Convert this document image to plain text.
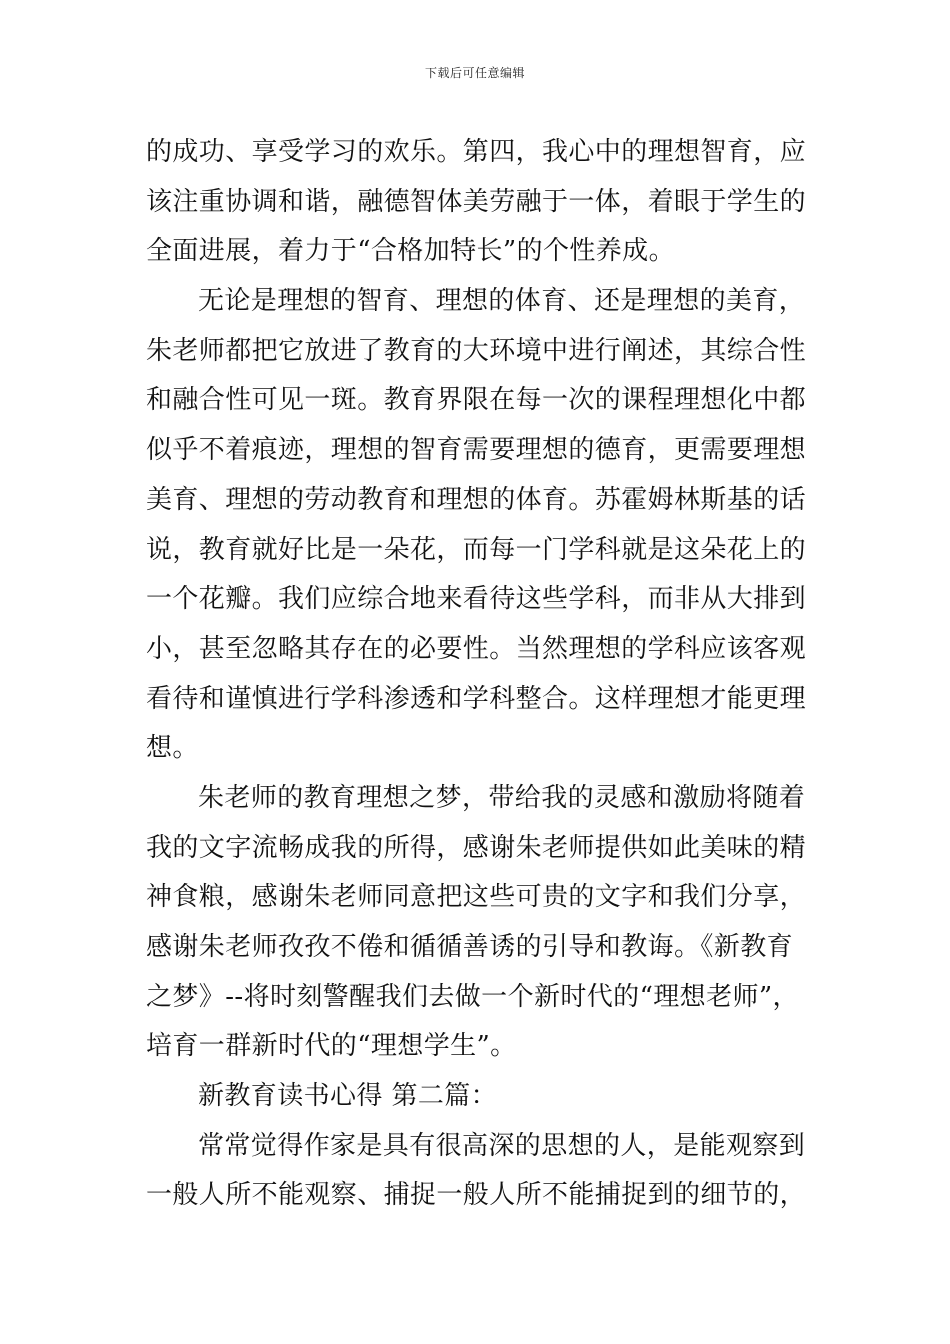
下载后可任意编辑
的成功、享受学习的欢乐。第四，我心中的理想智育，应
该注重协调和谐，融德智体美劳融于一体，着眼于学生的
全面进展，着力于“合格加特长”的个性养成。
无论是理想的智育、理想的体育、还是理想的美育，
朱老师都把它放进了教育的大环境中进行阐述，其综合性
和融合性可见一斑。教育界限在每一次的课程理想化中都
似乎不着痕迹，理想的智育需要理想的德育，更需要理想
美育、理想的劳动教育和理想的体育。苏霍姆林斯基的话
说，教育就好比是一朵花，而每一门学科就是这朵花上的
一个花瓣。我们应综合地来看待这些学科，而非从大排到
小，甚至忽略其存在的必要性。当然理想的学科应该客观
看待和谨慎进行学科渗透和学科整合。这样理想才能更理
想。
朱老师的教育理想之梦，带给我的灵感和激励将随着
我的文字流畅成我的所得，感谢朱老师提供如此美味的精
神食粮，感谢朱老师同意把这些可贵的文字和我们分享，
感谢朱老师孜孜不倦和循循善诱的引导和教诲。《新教育
之梦》--将时刻警醒我们去做一个新时代的“理想老师”，
培育一群新时代的“理想学生”。
新教育读书心得 第二篇：
常常觉得作家是具有很高深的思想的人，是能观察到
一般人所不能观察、捕捉一般人所不能捕捉到的细节的，
